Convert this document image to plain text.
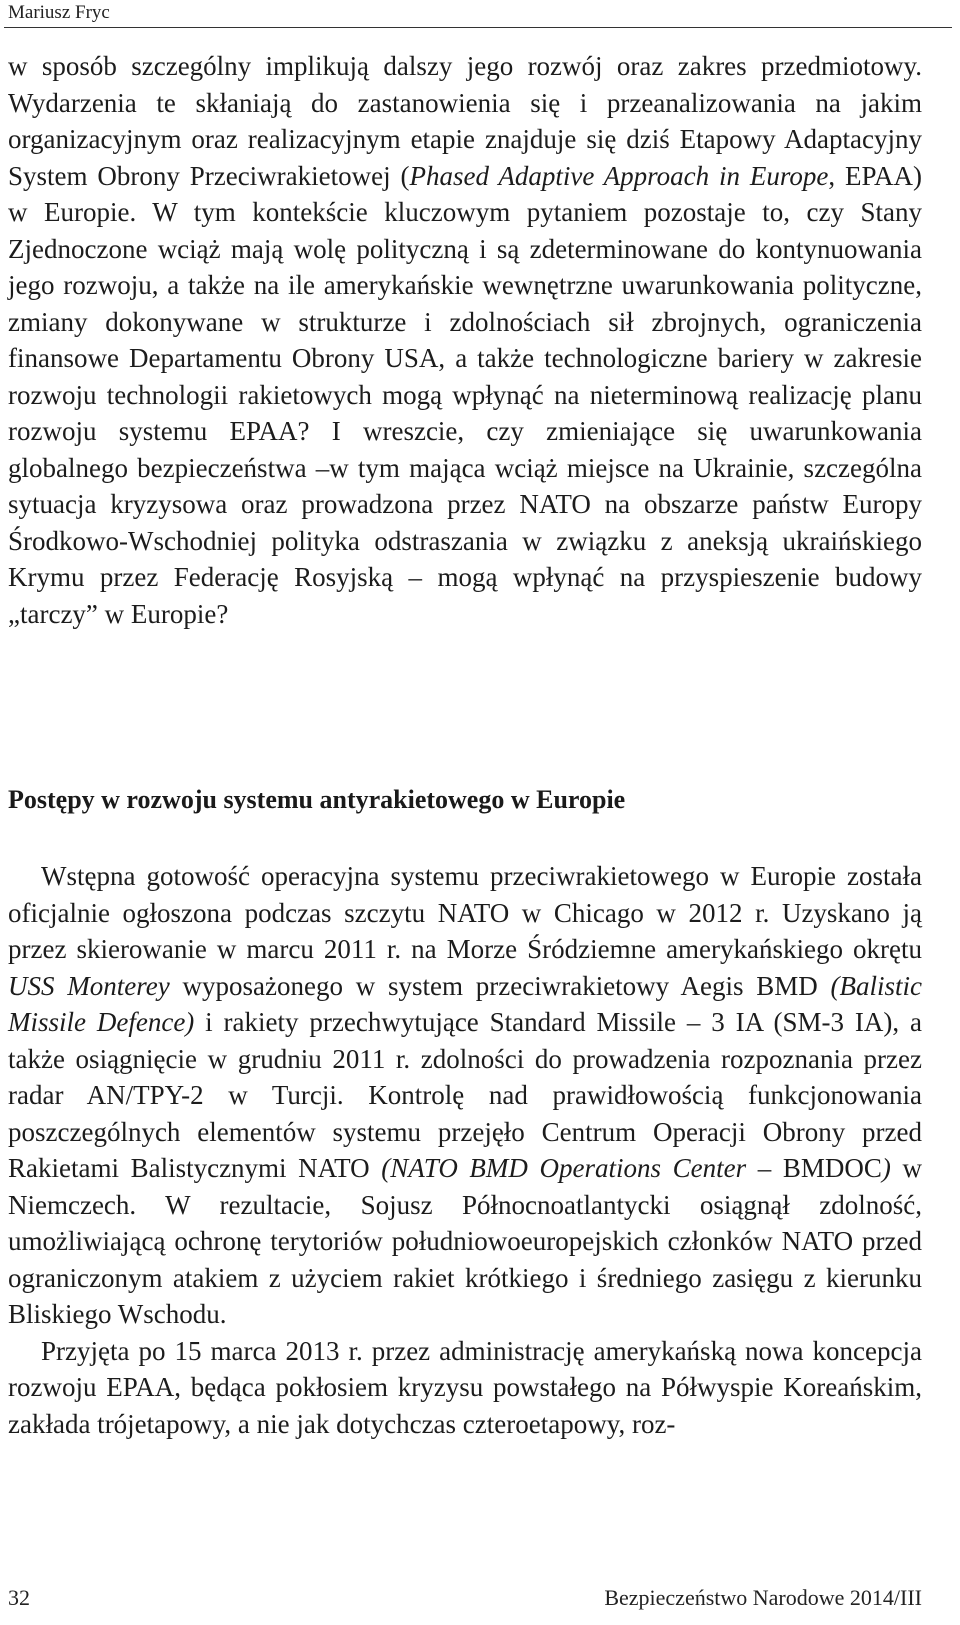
Mariusz Fryc

w sposób szczególny implikują dalszy jego rozwój oraz zakres przedmiotowy. Wydarzenia te skłaniają do zastanowienia się i przeanalizowania na jakim organizacyjnym oraz realizacyjnym etapie znajduje się dziś Etapowy Adaptacyjny System Obrony Przeciwrakietowej (Phased Adaptive Approach in Europe, EPAA) w Europie. W tym kontekście kluczowym pytaniem pozostaje to, czy Stany Zjednoczone wciąż mają wolę polityczną i są zdeterminowane do kontynuowania jego rozwoju, a także na ile amerykańskie wewnętrzne uwarunkowania polityczne, zmiany dokonywane w strukturze i zdolnościach sił zbrojnych, ograniczenia finansowe Departamentu Obrony USA, a także technologiczne bariery w zakresie rozwoju technologii rakietowych mogą wpłynąć na nieterminową realizację planu rozwoju systemu EPAA? I wreszcie, czy zmieniające się uwarunkowania globalnego bezpieczeństwa –w tym mająca wciąż miejsce na Ukrainie, szczególna sytuacja kryzysowa oraz prowadzona przez NATO na obszarze państw Europy Środkowo-Wschodniej polityka odstraszania w związku z aneksją ukraińskiego Krymu przez Federację Rosyjską – mogą wpłynąć na przyspieszenie budowy „tarczy” w Europie?

Postępy w rozwoju systemu antyrakietowego w Europie

Wstępna gotowość operacyjna systemu przeciwrakietowego w Europie została oficjalnie ogłoszona podczas szczytu NATO w Chicago w 2012 r. Uzyskano ją przez skierowanie w marcu 2011 r. na Morze Śródziemne amerykańskiego okrętu USS Monterey wyposażonego w system przeciwrakietowy Aegis BMD (Balistic Missile Defence) i rakiety przechwytujące Standard Missile – 3 IA (SM-3 IA), a także osiągnięcie w grudniu 2011 r. zdolności do prowadzenia rozpoznania przez radar AN/TPY-2 w Turcji. Kontrolę nad prawidłowością funkcjonowania poszczególnych elementów systemu przejęło Centrum Operacji Obrony przed Rakietami Balistycznymi NATO (NATO BMD Operations Center – BMDOC) w Niemczech. W rezultacie, Sojusz Północnoatlantycki osiągnął zdolność, umożliwiającą ochronę terytoriów południowoeuropejskich członków NATO przed ograniczonym atakiem z użyciem rakiet krótkiego i średniego zasięgu z kierunku Bliskiego Wschodu.

Przyjęta po 15 marca 2013 r. przez administrację amerykańską nowa koncepcja rozwoju EPAA, będąca pokłosiem kryzysu powstałego na Półwyspie Koreańskim, zakłada trójetapowy, a nie jak dotychczas czteroetapowy, roz-

32	Bezpieczeństwo Narodowe 2014/III
